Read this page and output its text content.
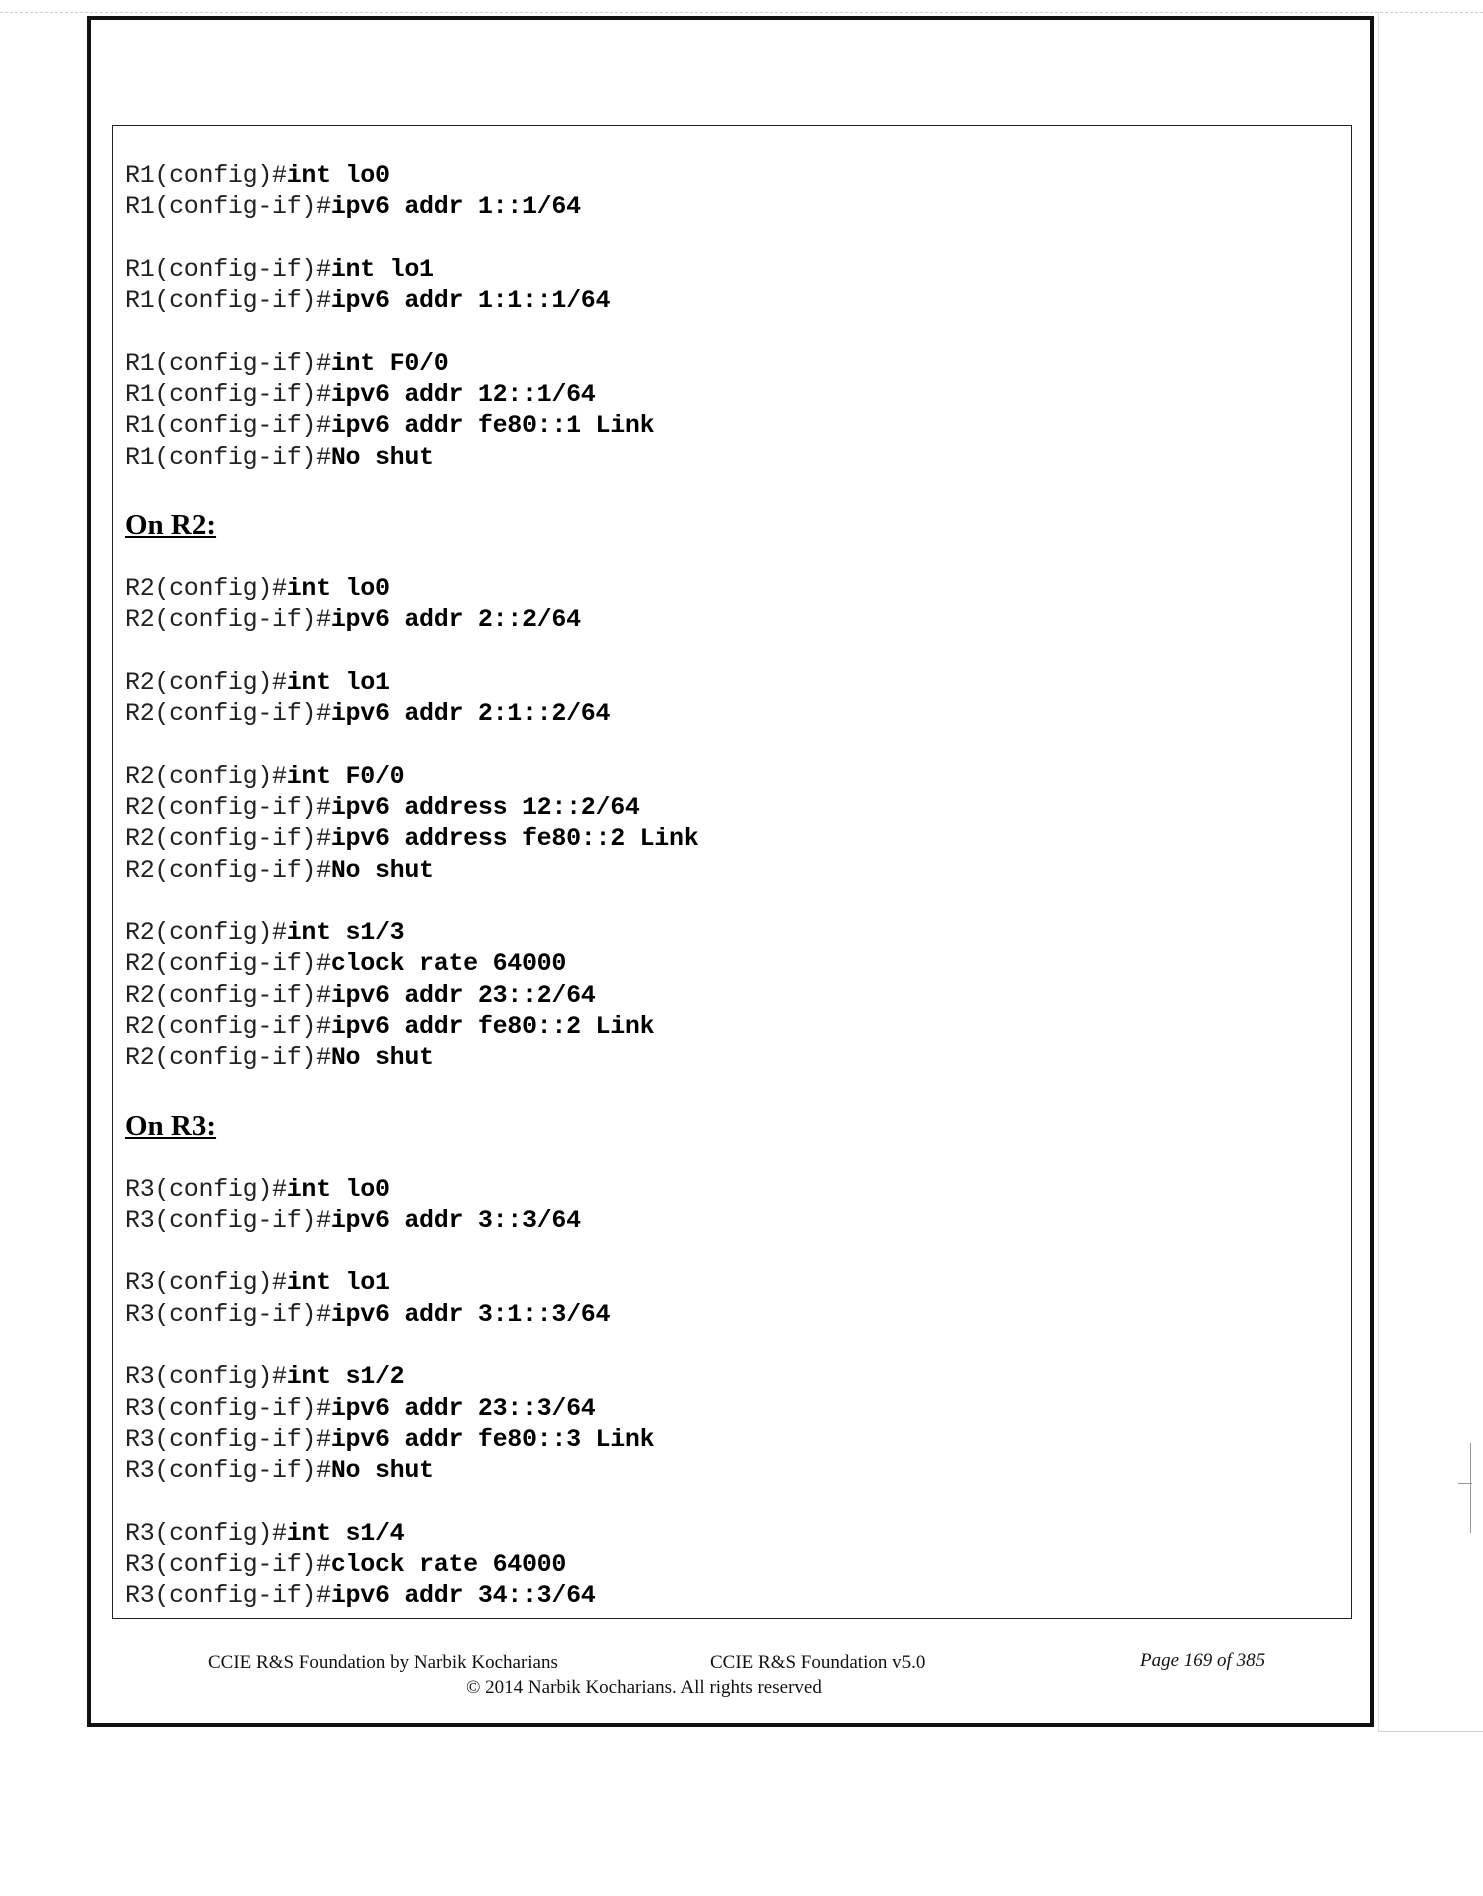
R1(config)#int lo0
R1(config-if)#ipv6 addr 1::1/64
R1(config-if)#int lo1
R1(config-if)#ipv6 addr 1:1::1/64
R1(config-if)#int F0/0
R1(config-if)#ipv6 addr 12::1/64
R1(config-if)#ipv6 addr fe80::1 Link
R1(config-if)#No shut
On R2:
R2(config)#int lo0
R2(config-if)#ipv6 addr 2::2/64
R2(config)#int lo1
R2(config-if)#ipv6 addr 2:1::2/64
R2(config)#int F0/0
R2(config-if)#ipv6 address 12::2/64
R2(config-if)#ipv6 address fe80::2 Link
R2(config-if)#No shut
R2(config)#int s1/3
R2(config-if)#clock rate 64000
R2(config-if)#ipv6 addr 23::2/64
R2(config-if)#ipv6 addr fe80::2 Link
R2(config-if)#No shut
On R3:
R3(config)#int lo0
R3(config-if)#ipv6 addr 3::3/64
R3(config)#int lo1
R3(config-if)#ipv6 addr 3:1::3/64
R3(config)#int s1/2
R3(config-if)#ipv6 addr 23::3/64
R3(config-if)#ipv6 addr fe80::3 Link
R3(config-if)#No shut
R3(config)#int s1/4
R3(config-if)#clock rate 64000
R3(config-if)#ipv6 addr 34::3/64
CCIE R&S Foundation by Narbik Kocharians	CCIE R&S Foundation v5.0	Page 169 of 385
© 2014 Narbik Kocharians. All rights reserved
